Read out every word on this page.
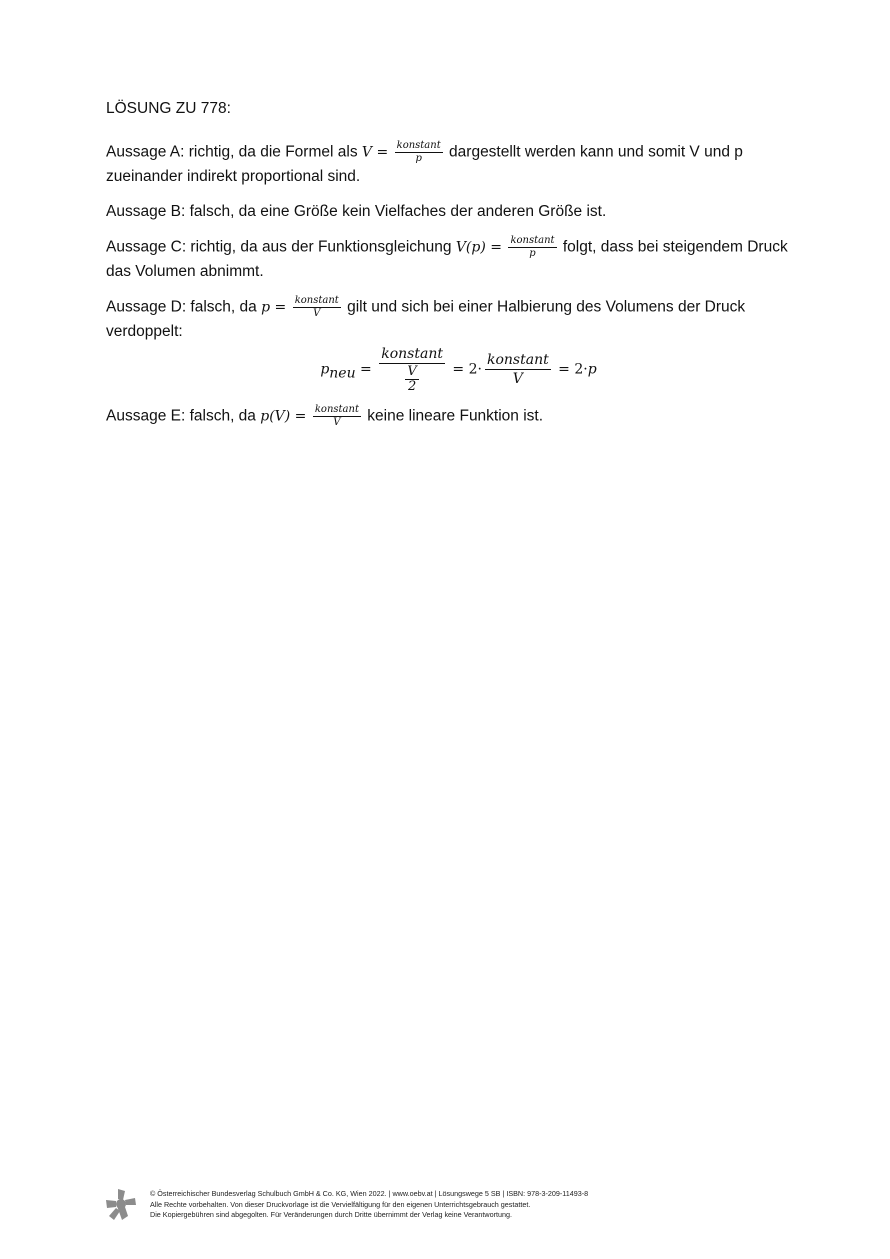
LÖSUNG ZU 778:

Aussage A: richtig, da die Formel als $V = \frac{\text{konstant}}{p}$ dargestellt werden kann und somit V und p zueinander indirekt proportional sind.

Aussage B: falsch, da eine Größe kein Vielfaches der anderen Größe ist.

Aussage C: richtig, da aus der Funktionsgleichung $V(p) = \frac{\text{konstant}}{p} folgt$, dass bei steigendem Druck das Volumen abnimmt.

Aussage D: falsch, da $p = \frac{\text{konstant}}{V}$ gilt und sich bei einer Halbierung des Volumens der Druck verdoppelt:

$p_{neu} = \frac{\text{konstant}}{\frac{V}{2}} = 2\cdot \frac{\text{konstant}}{V} = 2\cdot p$

Aussage E: falsch, da $p(V) = \frac{\text{konstant}}{V}$ keine lineare Funktion ist.

© Österreichischer Bundesverlag Schulbuch GmbH & Co. KG, Wien 2022. | www.oebv.at | Lösungswege 5 SB | ISBN: 978-3-209-11493-8
Alle Rechte vorbehalten. Von dieser Druckvorlage ist die Vervielfältigung für den eigenen Unterrichtsgebrauch gestattet.
Die Kopiergebühren sind abgegolten. Für Veränderungen durch Dritte übernimmt der Verlag keine Verantwortung.
